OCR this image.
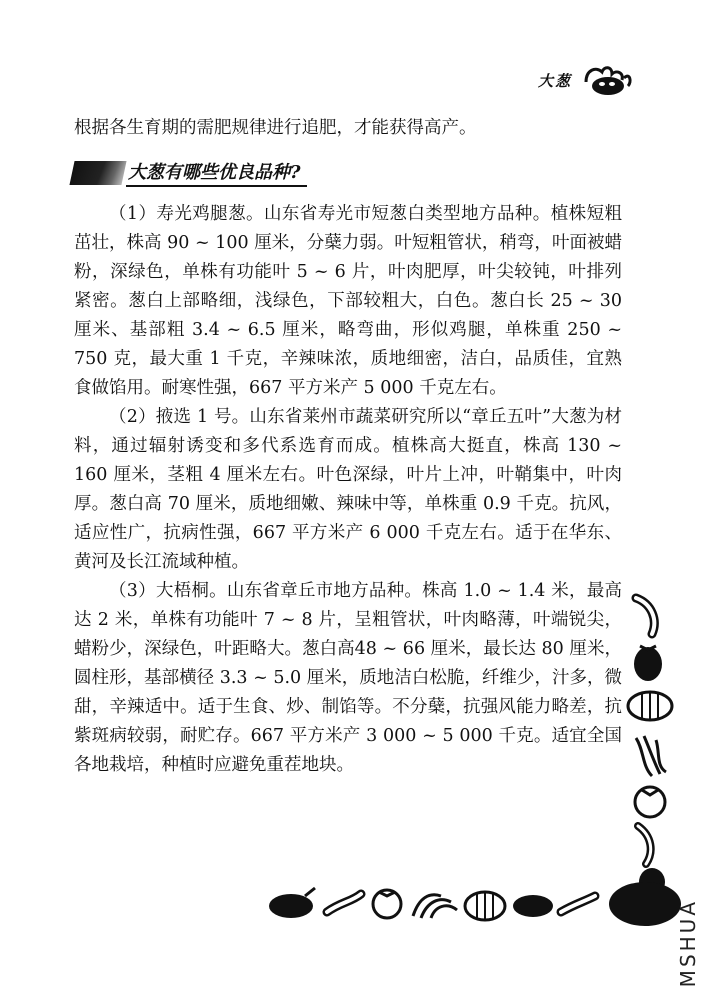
大葱

根据各生育期的需肥规律进行追肥，才能获得高产。

大葱有哪些优良品种?

（1）寿光鸡腿葱。山东省寿光市短葱白类型地方品种。植株短粗茁壮，株高 90 ~ 100 厘米，分蘖力弱。叶短粗管状，稍弯，叶面被蜡粉，深绿色，单株有功能叶 5 ~ 6 片，叶肉肥厚，叶尖较钝，叶排列紧密。葱白上部略细，浅绿色，下部较粗大，白色。葱白长 25 ~ 30 厘米、基部粗 3.4 ~ 6.5 厘米，略弯曲，形似鸡腿，单株重 250 ~ 750 克，最大重 1 千克，辛辣味浓，质地细密，洁白，品质佳，宜熟食做馅用。耐寒性强，667 平方米产 5 000 千克左右。

（2）掖选 1 号。山东省莱州市蔬菜研究所以“章丘五叶”大葱为材料，通过辐射诱变和多代系选育而成。植株高大挺直，株高 130 ~ 160 厘米，茎粗 4 厘米左右。叶色深绿，叶片上冲，叶鞘集中，叶肉厚。葱白高 70 厘米，质地细嫩、辣味中等，单株重 0.9 千克。抗风，适应性广，抗病性强，667 平方米产 6 000 千克左右。适于在华东、黄河及长江流域种植。

（3）大梧桐。山东省章丘市地方品种。株高 1.0 ~ 1.4 米，最高达 2 米，单株有功能叶 7 ~ 8 片，呈粗管状，叶肉略薄，叶端锐尖，蜡粉少，深绿色，叶距略大。葱白高48 ~ 66 厘米，最长达 80 厘米，圆柱形，基部横径 3.3 ~ 5.0 厘米，质地洁白松脆，纤维少，汁多，微甜，辛辣适中。适于生食、炒、制馅等。不分蘖，抗强风能力略差，抗紫斑病较弱，耐贮存。667 平方米产 3 000 ~ 5 000 千克。适宜全国各地栽培，种植时应避免重茬地块。

MSHUA
